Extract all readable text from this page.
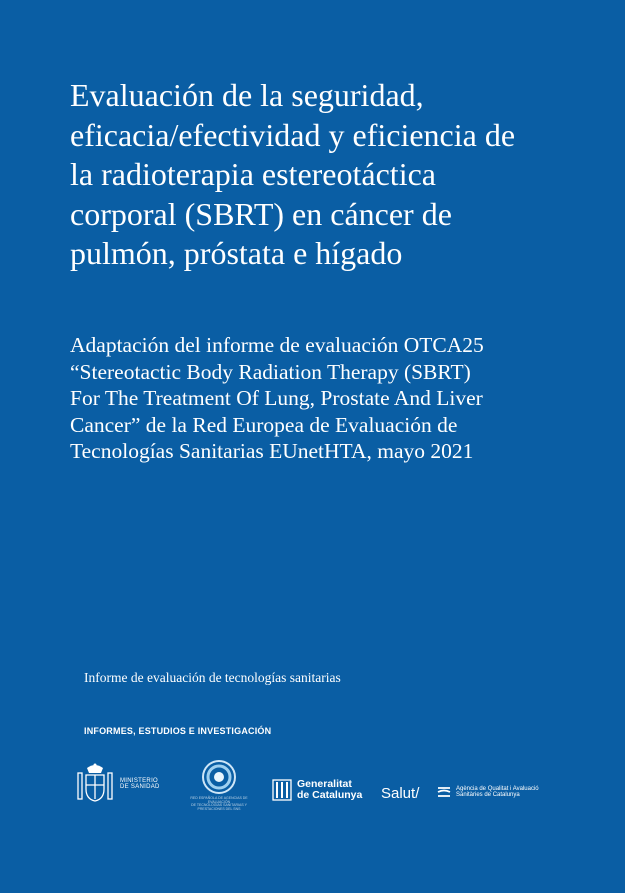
Evaluación de la seguridad,
eficacia/efectividad y eficiencia de
la radioterapia estereotáctica
corporal (SBRT) en cáncer de
pulmón, próstata e hígado
Adaptación del informe de evaluación OTCA25
“Stereotactic Body Radiation Therapy (SBRT)
For The Treatment Of Lung, Prostate And Liver
Cancer” de la Red Europea de Evaluación de
Tecnologías Sanitarias EUnetHTA, mayo 2021
Informe de evaluación de tecnologías sanitarias
INFORMES, ESTUDIOS E INVESTIGACIÓN
MINISTERIO
DE SANIDAD
RED ESPAÑOLA DE AGENCIAS DE EVALUACIÓN
DE TECNOLOGÍAS SANITARIAS Y PRESTACIONES DEL SNS
Generalitat
de Catalunya Salut/	Agència de Qualitat i Avaluació
Sanitàries de Catalunya
